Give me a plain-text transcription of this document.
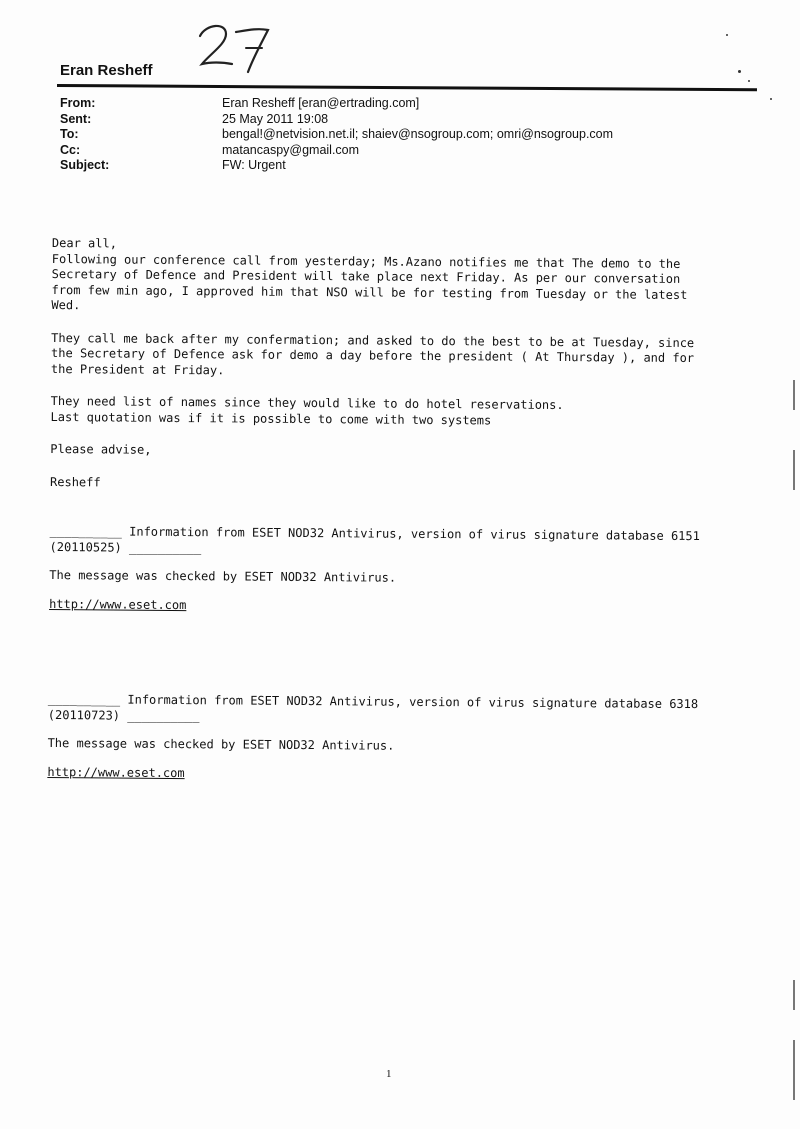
Eran Resheff
From:	Eran Resheff [eran@ertrading.com]
Sent:	25 May 2011 19:08
To:	bengal!@netvision.net.il; shaiev@nsogroup.com; omri@nsogroup.com
Cc:	matancaspy@gmail.com
Subject:	FW: Urgent
Dear all,
Following our conference call from yesterday; Ms.Azano notifies me that The demo to the
Secretary of Defence and President will take place next Friday. As per our conversation
from few min ago, I approved him that NSO will be for testing from Tuesday or the latest
Wed.
They call me back after my confermation; and asked to do the best to be at Tuesday, since
the Secretary of Defence ask for demo a day before the president ( At Thursday ), and for
the President at Friday.
They need list of names since they would like to do hotel reservations.
Last quotation was if it is possible to come with two systems
Please advise,
Resheff
__________ Information from ESET NOD32 Antivirus, version of virus signature database 6151
(20110525) __________
The message was checked by ESET NOD32 Antivirus.
http://www.eset.com
__________ Information from ESET NOD32 Antivirus, version of virus signature database 6318
(20110723) __________
The message was checked by ESET NOD32 Antivirus.
http://www.eset.com
1
